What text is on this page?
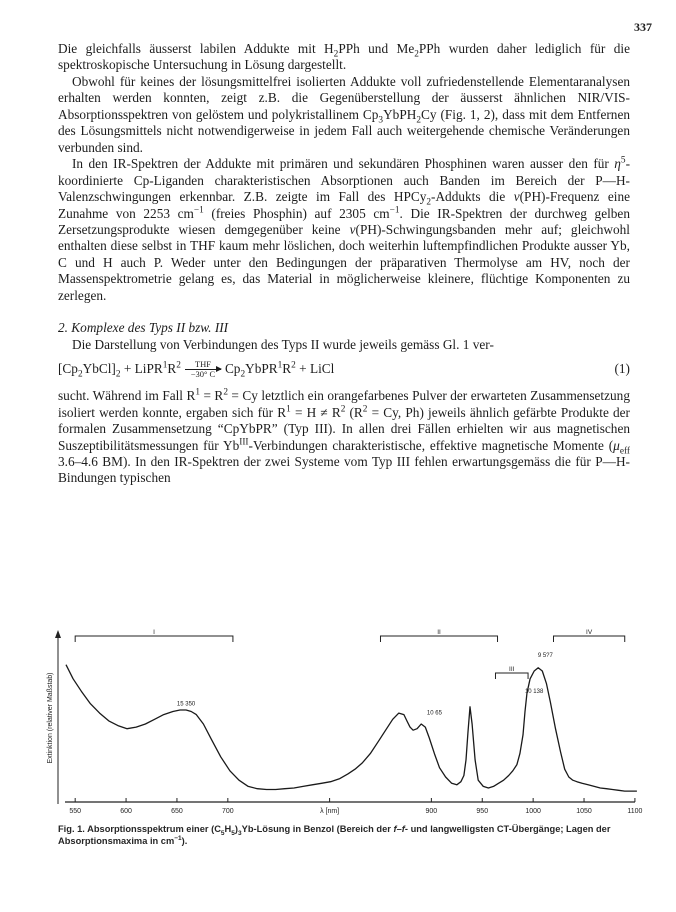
337

Die gleichfalls äusserst labilen Addukte mit $H_2PPh$ und $Me_2PPh$ wurden daher lediglich für die spektroskopische Untersuchung in Lösung dargestellt.

Obwohl für keines der lösungsmittelfrei isolierten Addukte voll zufriedenstellende Elementaranalysen erhalten werden konnten, zeigt z.B. die Gegenüberstellung der äusserst ähnlichen NIR/VIS-Absorptionsspektren von gelöstem und polykristallinem $Cp_3YbPH_2Cy$ (Fig. 1, 2), dass mit dem Entfernen des Lösungsmittels nicht notwendigerweise in jedem Fall auch weitergehende chemische Veränderungen verbunden sind.

In den IR-Spektren der Addukte mit primären und sekundären Phosphinen waren ausser den für $\eta^5$-koordinierte Cp-Liganden charakteristischen Absorptionen auch Banden im Bereich der P—H-Valenzschwingungen erkennbar. Z.B. zeigte im Fall des HPCy$_2$-Addukts die ν(PH)-Frequenz eine Zunahme von 2253 $cm^{-1}$ (freies Phosphin) auf 2305 $cm^{-1}$. Die IR-Spektren der durchweg gelben Zersetzungsprodukte wiesen demgegenüber keine ν(PH)-Schwingungsbanden mehr auf; gleichwohl enthalten diese selbst in THF kaum mehr löslichen, doch weiterhin luftempfindlichen Produkte ausser Yb, C und H auch P. Weder unter den Bedingungen der präparativen Thermolyse am HV, noch der Massenspektrometrie gelang es, das Material in möglicherweise kleinere, flüchtige Komponenten zu zerlegen.

2. Komplexe des Typs II bzw. III

Die Darstellung von Verbindungen des Typs II wurde jeweils gemäss Gl. 1 ver-

$[Cp_2YbCl]_2$ + $LiPR^1R^2$ THF
−30° C $Cp_2YbPR^1R^2$ + LiCl	(1)

sucht. Während im Fall $R^1 = R^2 = Cy$ letztlich ein orangefarbenes Pulver der erwarteten Zusammensetzung isoliert werden konnte, ergaben sich für $R^1 = H \ne R^2$ ($R^2 = Cy$, Ph) jeweils ähnlich gefärbte Produkte der formalen Zusammensetzung “CpYbPR” (Typ III). In allen drei Fällen erhielten wir aus magnetischen Suszeptibilitätsmessungen für $Yb^{III}$-Verbindungen charakteristische, effektive magnetische Momente ($\mu_{eff}$ 3.6–4.6 BM). In den IR-Spektren der zwei Systeme vom Typ III fehlen erwartungsgemäss die für P—H-Bindungen typischen

Extinktion (relativer Maßstab)
550	600	650	700	λ [nm]	900	950	1000	1050	1100
I	II
III
IV
15 350
10 65
10 138
9 5?7
Fig. 1. Absorptionsspektrum einer $(C_5H_5)_3Yb$-Lösung in Benzol (Bereich der f–f- und langwelligsten CT-Übergänge; Lagen der Absorptionsmaxima in $cm^{-1}$).
